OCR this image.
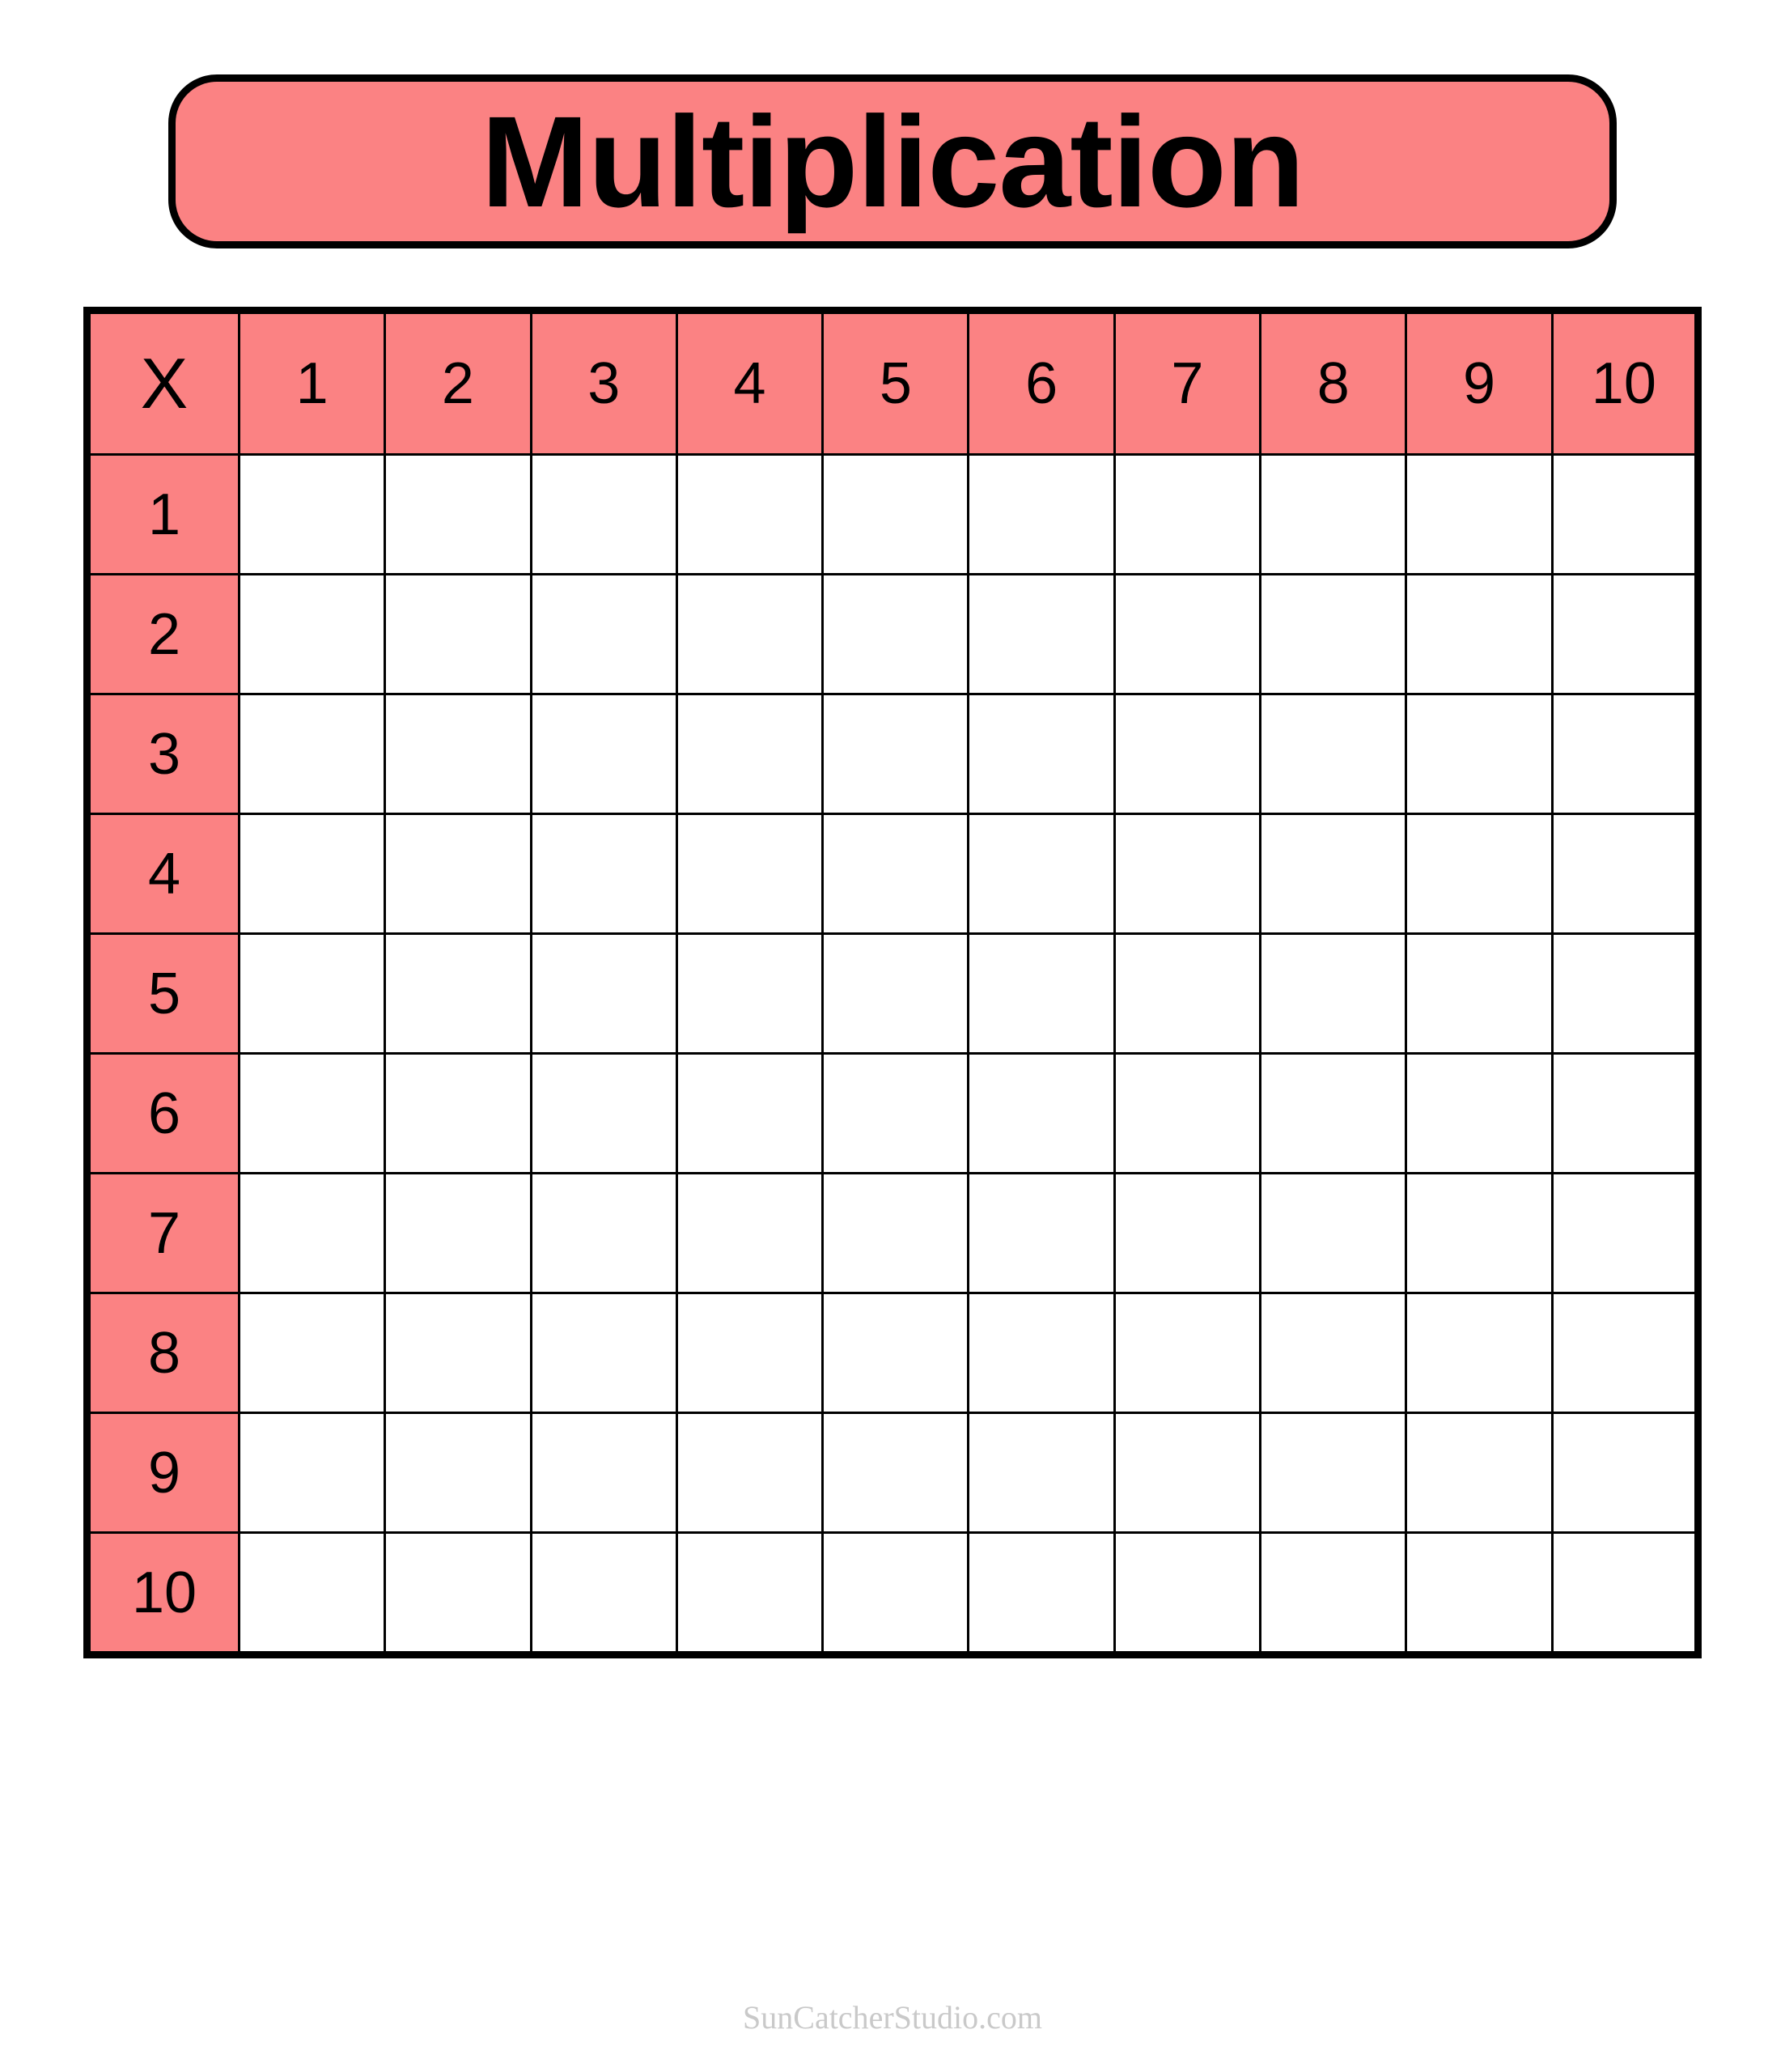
Multiplication
X	1	2	3	4	5	6	7	8	9	10
1										
2										
3										
4										
5										
6										
7										
8										
9										
10										
SunCatcherStudio.com
